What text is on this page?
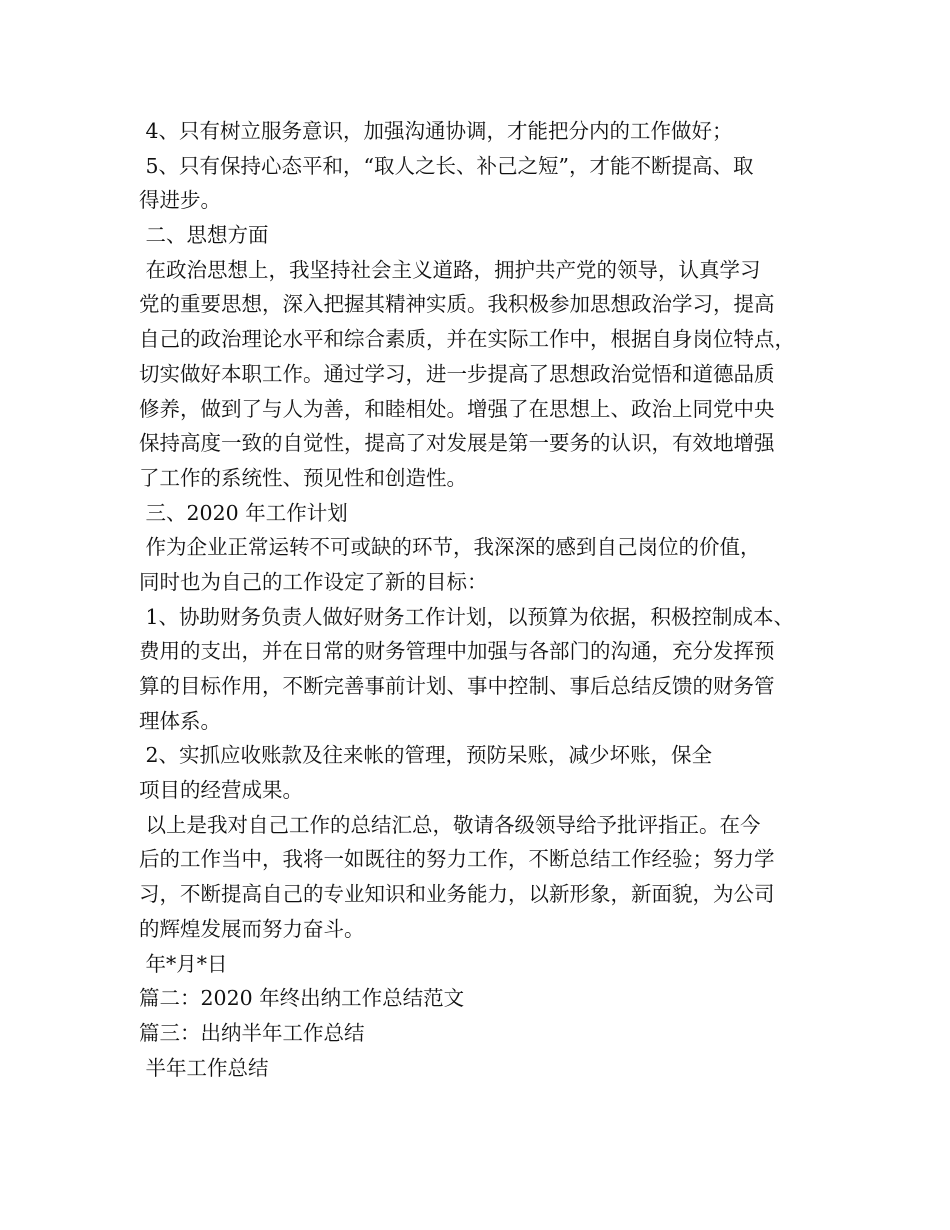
4、只有树立服务意识，加强沟通协调，才能把分内的工作做好；
5、只有保持心态平和，“取人之长、补己之短”，才能不断提高、取
得进步。
二、思想方面
在政治思想上，我坚持社会主义道路，拥护共产党的领导，认真学习
党的重要思想，深入把握其精神实质。我积极参加思想政治学习，提高
自己的政治理论水平和综合素质，并在实际工作中，根据自身岗位特点，
切实做好本职工作。通过学习，进一步提高了思想政治觉悟和道德品质
修养，做到了与人为善，和睦相处。增强了在思想上、政治上同党中央
保持高度一致的自觉性，提高了对发展是第一要务的认识，有效地增强
了工作的系统性、预见性和创造性。
三、2020 年工作计划
作为企业正常运转不可或缺的环节，我深深的感到自己岗位的价值，
同时也为自己的工作设定了新的目标：
1、协助财务负责人做好财务工作计划，以预算为依据，积极控制成本、
费用的支出，并在日常的财务管理中加强与各部门的沟通，充分发挥预
算的目标作用，不断完善事前计划、事中控制、事后总结反馈的财务管
理体系。
2、实抓应收账款及往来帐的管理，预防呆账，减少坏账，保全
项目的经营成果。
以上是我对自己工作的总结汇总，敬请各级领导给予批评指正。在今
后的工作当中，我将一如既往的努力工作，不断总结工作经验；努力学
习，不断提高自己的专业知识和业务能力，以新形象，新面貌，为公司
的辉煌发展而努力奋斗。
年*月*日
篇二：2020 年终出纳工作总结范文
篇三：出纳半年工作总结
半年工作总结
